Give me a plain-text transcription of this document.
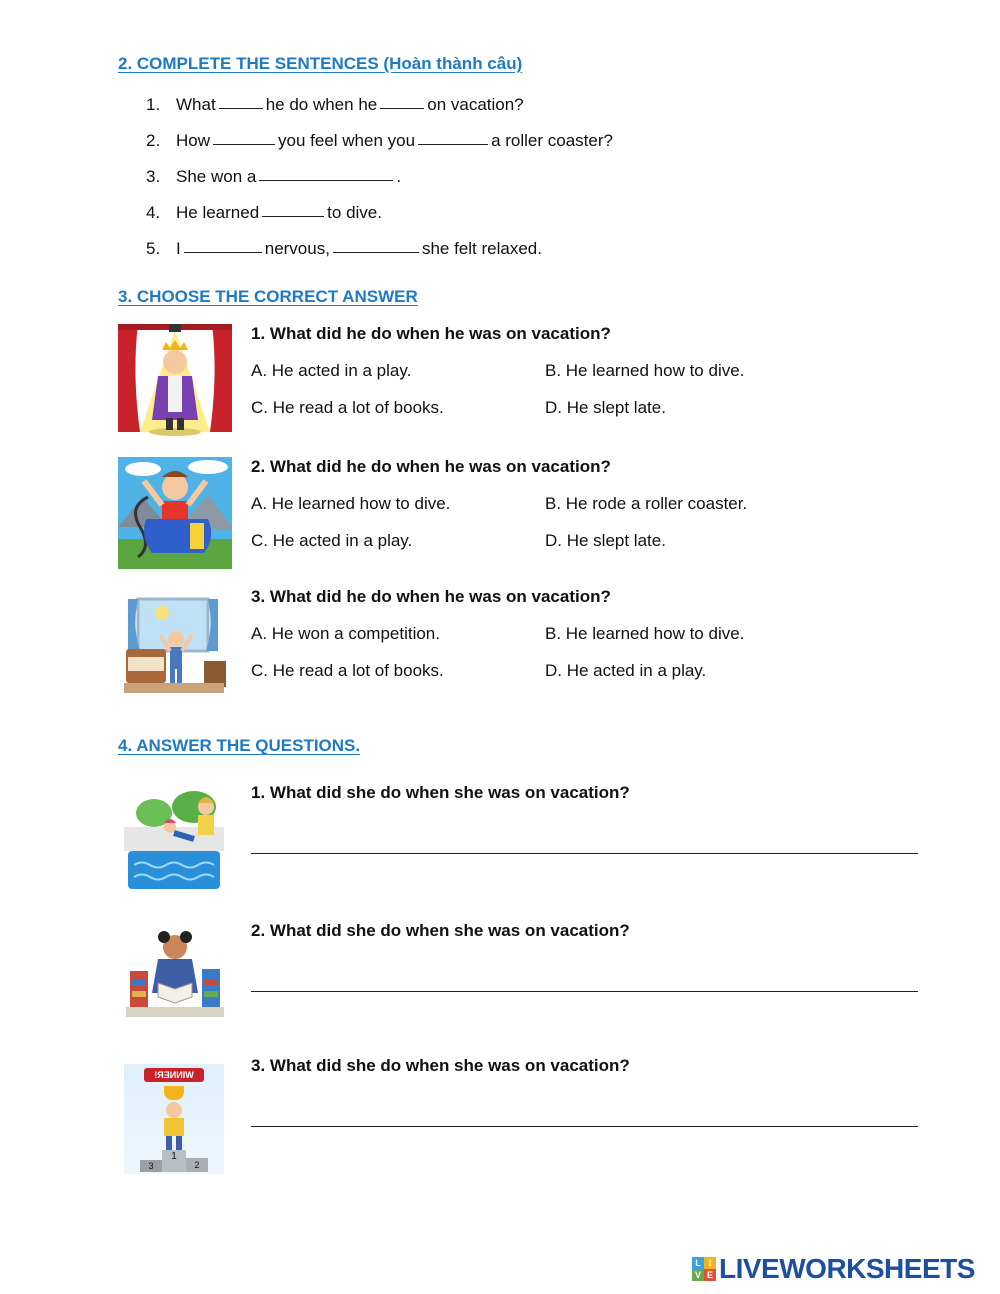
2. COMPLETE THE SENTENCES (Hoàn thành câu)
1. What	he do when he	on vacation?
2. How	you feel when you	a roller coaster?
3. She won a	.
4. He learned	to dive.
5. I	nervous,	she felt relaxed.
3. CHOOSE THE CORRECT ANSWER
1. What did he do when he was on vacation?
A. He acted in a play.	B. He learned how to dive.
C. He read a lot of books.	D. He slept late.
2. What did he do when he was on vacation?
A. He learned how to dive.	B. He rode a roller coaster.
C. He acted in a play.	D. He slept late.
3. What did he do when he was on vacation?
A. He won a competition.	B. He learned how to dive.
C. He read a lot of books.	D. He acted in a play.
4. ANSWER THE QUESTIONS.
1. What did she do when she was on vacation?
2. What did she do when she was on vacation?
WINNER!
3
1
2
3. What did she do when she was on vacation?
L I
V E LIVEWORKSHEETS
